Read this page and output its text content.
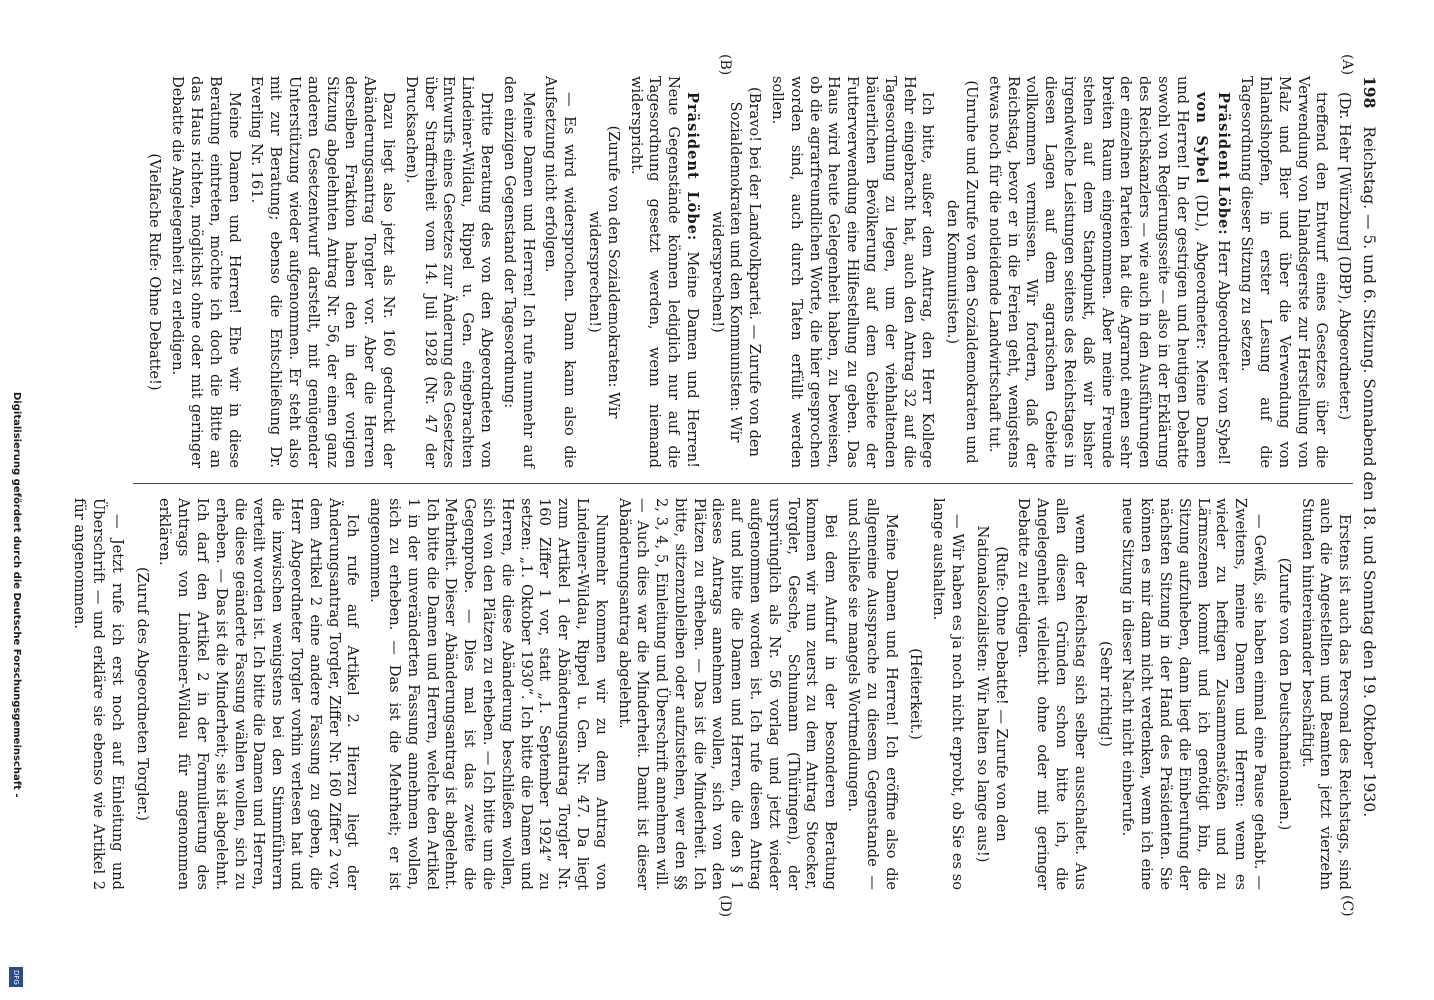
198
Reichstag. — 5. und 6. Sitzung. Sonnabend den 18. und Sonntag den 19. Oktober 1930.

(Dr. Hehr [Würzburg] (DBP), Abgeordneter.)

treffend den Entwurf eines Gesetzes über die Verwendung von Inlandsgerste zur Herstellung von Malz und Bier und über die Verwendung von Inlandshopfen, in erster Lesung auf die Tagesordnung dieser Sitzung zu setzen.

Präsident Löbe: Herr Abgeordneter von Sybel!

von Sybel (DL), Abgeordneter: Meine Damen und Herren! In der gestrigen und heutigen Debatte sowohl von Regierungsseite — also in der Erklärung des Reichskanzlers — wie auch in den Ausführungen der einzelnen Parteien hat die Agrarnot einen sehr breiten Raum eingenommen. Aber meine Freunde stehen auf dem Standpunkt, daß wir bisher irgendwelche Leistungen seitens des Reichstages in diesen Lagen auf dem agrarischen Gebiete vollkommen vermissen. Wir fordern, daß der Reichstag, bevor er in die Ferien geht, wenigstens etwas noch für die notleidende Landwirtschaft tut.

(Unruhe und Zurufe von den Sozialdemokraten und den Kommunisten.)

Ich bitte, außer dem Antrag, den Herr Kollege Hehr eingebracht hat, auch den Antrag 32 auf die Tagesordnung zu legen, um der viehhaltenden bäuerlichen Bevölkerung auf dem Gebiete der Futterverwendung eine Hilfestellung zu geben. Das Haus wird heute Gelegenheit haben, zu beweisen, ob die agrarfreundlichen Worte, die hier gesprochen worden sind, auch durch Taten erfüllt werden sollen.

(Bravo! bei der Landvolkpartei. — Zurufe von den Sozialdemokraten und den Kommunisten: Wir widersprechen!)

Präsident Löbe: Meine Damen und Herren! Neue Gegenstände können lediglich nur auf die Tagesordnung gesetzt werden, wenn niemand widerspricht.

(Zurufe von den Sozialdemokraten: Wir widersprechen!)

— Es wird widersprochen. Dann kann also die Aufsetzung nicht erfolgen.

Meine Damen und Herren! Ich rufe nunmehr auf den einzigen Gegenstand der Tagesordnung:

Dritte Beratung des von den Abgeordneten von Lindeiner-Wildau, Rippel u. Gen. eingebrachten Entwurfs eines Gesetzes zur Änderung des Gesetzes über Straffreiheit vom 14. Juli 1928 (Nr. 47 der Drucksachen).

Dazu liegt also jetzt als Nr. 160 gedruckt der Abänderungsantrag Torgler vor. Aber die Herren derselben Fraktion haben den in der vorigen Sitzung abgelehnten Antrag Nr. 56, der einen ganz anderen Gesetzentwurf darstellt, mit genügender Unterstützung wieder aufgenommen. Er steht also mit zur Beratung; ebenso die Entschließung Dr. Everling Nr. 161.

Meine Damen und Herren! Ehe wir in diese Beratung eintreten, möchte ich doch die Bitte an das Haus richten, möglichst ohne oder mit geringer Debatte die Angelegenheit zu erledigen.

(Vielfache Rufe: Ohne Debatte!)

Erstens ist auch das Personal des Reichstags, sind auch die Angestellten und Beamten jetzt vierzehn Stunden hintereinander beschäftigt.

(Zurufe von den Deutschnationalen.)

— Gewiß, sie haben einmal eine Pause gehabt. — Zweitens, meine Damen und Herren: wenn es wieder zu heftigen Zusammenstößen und zu Lärmszenen kommt und ich genötigt bin, die Sitzung aufzuheben, dann liegt die Einberufung der nächsten Sitzung in der Hand des Präsidenten. Sie können es mir dann nicht verdenken, wenn ich eine neue Sitzung in dieser Nacht nicht einberufe.

(Sehr richtig!)

wenn der Reichstag sich selber ausschaltet. Aus allen diesen Gründen schon bitte ich, die Angelegenheit vielleicht ohne oder mit geringer Debatte zu erledigen.

(Rufe: Ohne Debatte! — Zurufe von den Nationalsozialisten: Wir halten so lange aus!)

— Wir haben es ja noch nicht erprobt, ob Sie es so lange aushalten.

(Heiterkeit.)

Meine Damen und Herren! Ich eröffne also die allgemeine Aussprache zu diesem Gegenstande — und schließe sie mangels Wortmeldungen.

Bei dem Aufruf in der besonderen Beratung kommen wir nun zuerst zu dem Antrag Stoecker, Torgler, Gesche, Schumann (Thüringen), der ursprünglich als Nr. 56 vorlag und jetzt wieder aufgenommen worden ist. Ich rufe diesen Antrag auf und bitte die Damen und Herren, die den § 1 dieses Antrags annehmen wollen, sich von den Plätzen zu erheben. — Das ist die Minderheit. Ich bitte, sitzenzubleiben oder aufzustehen, wer den §§ 2, 3, 4, 5, Einleitung und Überschrift annehmen will. — Auch dies war die Minderheit. Damit ist dieser Abänderungsantrag abgelehnt.

Nunmehr kommen wir zu dem Antrag von Lindeiner-Wildau, Rippel u. Gen. Nr. 47. Da liegt zum Artikel 1 der Abänderungsantrag Torgler Nr. 160 Ziffer 1 vor, statt „1. September 1924“ zu setzen: „1. Oktober 1930“. Ich bitte die Damen und Herren, die diese Abänderung beschließen wollen, sich von den Plätzen zu erheben. — Ich bitte um die Gegenprobe. — Dies mal ist das zweite die Mehrheit. Dieser Abänderungsantrag ist abgelehnt. Ich bitte die Damen und Herren, welche den Artikel 1 in der unveränderten Fassung annehmen wollen, sich zu erheben. — Das ist die Mehrheit; er ist angenommen.

Ich rufe auf Artikel 2. Hierzu liegt der Änderungsantrag Torgler, Ziffer Nr. 160 Ziffer 2 vor, dem Artikel 2 eine andere Fassung zu geben, die Herr Abgeordneter Torgler vorhin verlesen hat und die inzwischen wenigstens bei den Stimmführern verteilt worden ist. Ich bitte die Damen und Herren, die diese geänderte Fassung wählen wollen, sich zu erheben. — Das ist die Minderheit; sie ist abgelehnt. Ich darf den Artikel 2 in der Formulierung des Antrags von Lindeiner-Wildau für angenommen erklären.

(Zuruf des Abgeordneten Torgler.)

— Jetzt rufe ich erst noch auf Einleitung und Überschrift — und erkläre sie ebenso wie Artikel 2 für angenommen.

(A)
(B)
(C)
(D)
Digitalisierung gefördert durch die Deutsche Forschungsgemeinschaft -
DFG
